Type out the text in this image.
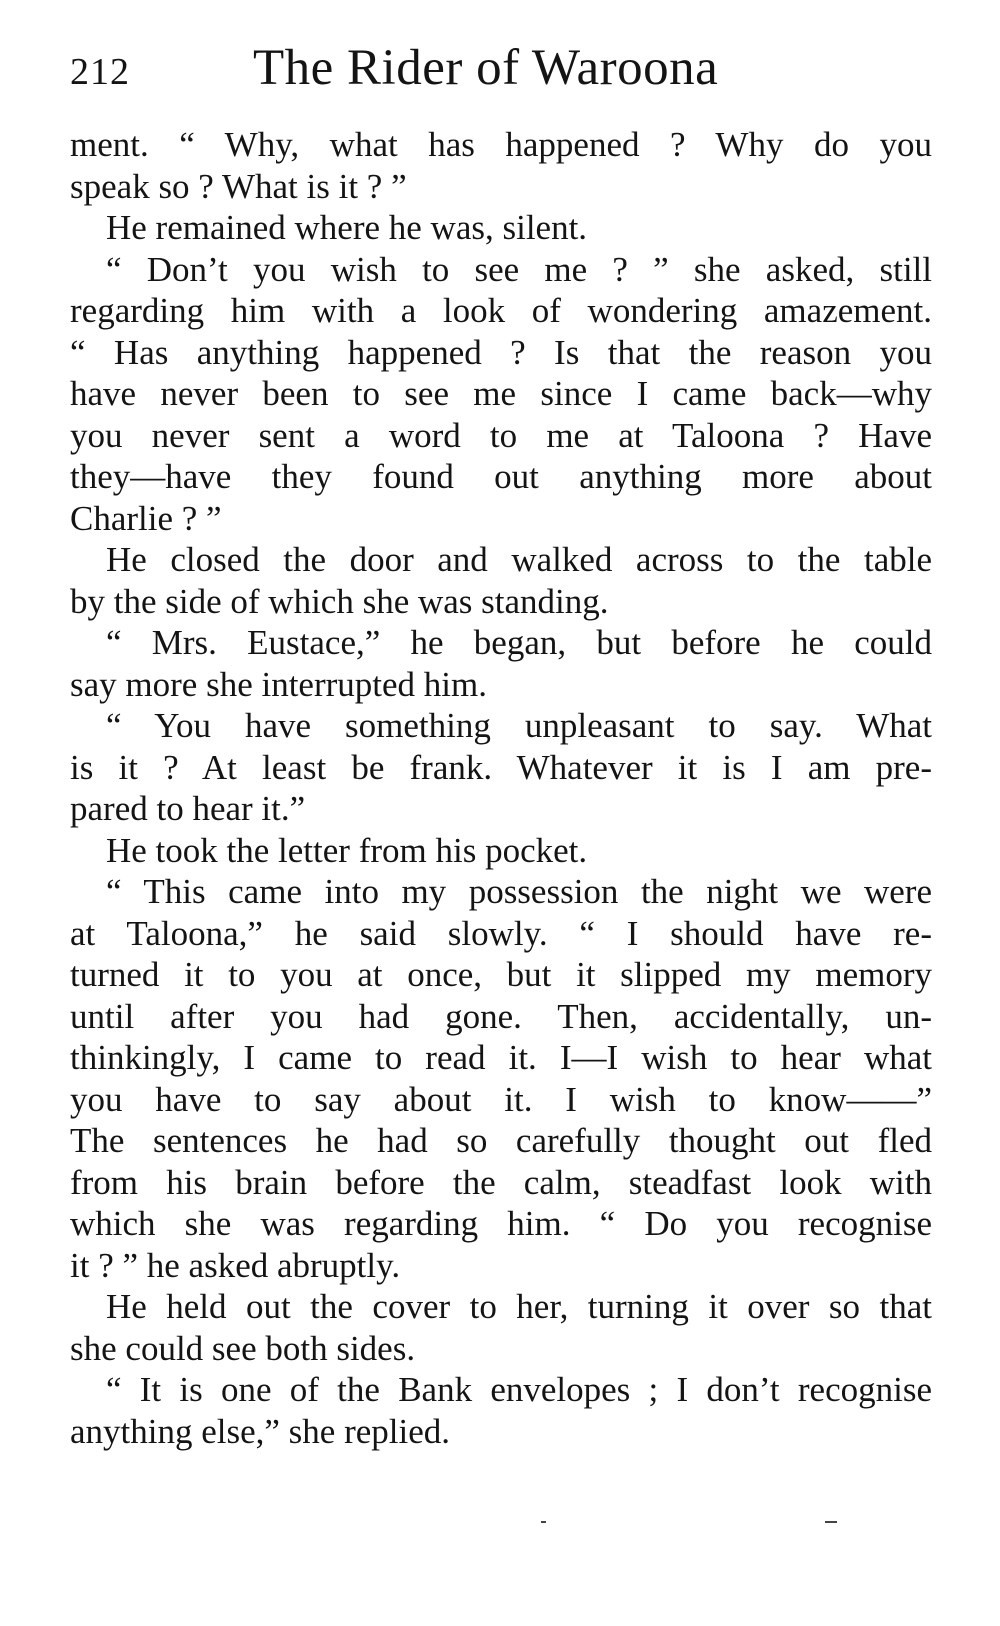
212 The Rider of Waroona
ment. “ Why, what has happened ? Why do you
speak so ? What is it ? ”
He remained where he was, silent.
“ Don’t you wish to see me ? ” she asked, still
regarding him with a look of wondering amazement.
“ Has anything happened ? Is that the reason you
have never been to see me since I came back—why
you never sent a word to me at Taloona ? Have
they—have they found out anything more about
Charlie ? ”
He closed the door and walked across to the table
by the side of which she was standing.
“ Mrs. Eustace,” he began, but before he could
say more she interrupted him.
“ You have something unpleasant to say. What
is it ? At least be frank. Whatever it is I am pre-
pared to hear it.”
He took the letter from his pocket.
“ This came into my possession the night we were
at Taloona,” he said slowly. “ I should have re-
turned it to you at once, but it slipped my memory
until after you had gone. Then, accidentally, un-
thinkingly, I came to read it. I—I wish to hear what
you have to say about it. I wish to know——”
The sentences he had so carefully thought out fled
from his brain before the calm, steadfast look with
which she was regarding him. “ Do you recognise
it ? ” he asked abruptly.
He held out the cover to her, turning it over so that
she could see both sides.
“ It is one of the Bank envelopes ; I don’t recognise
anything else,” she replied.
